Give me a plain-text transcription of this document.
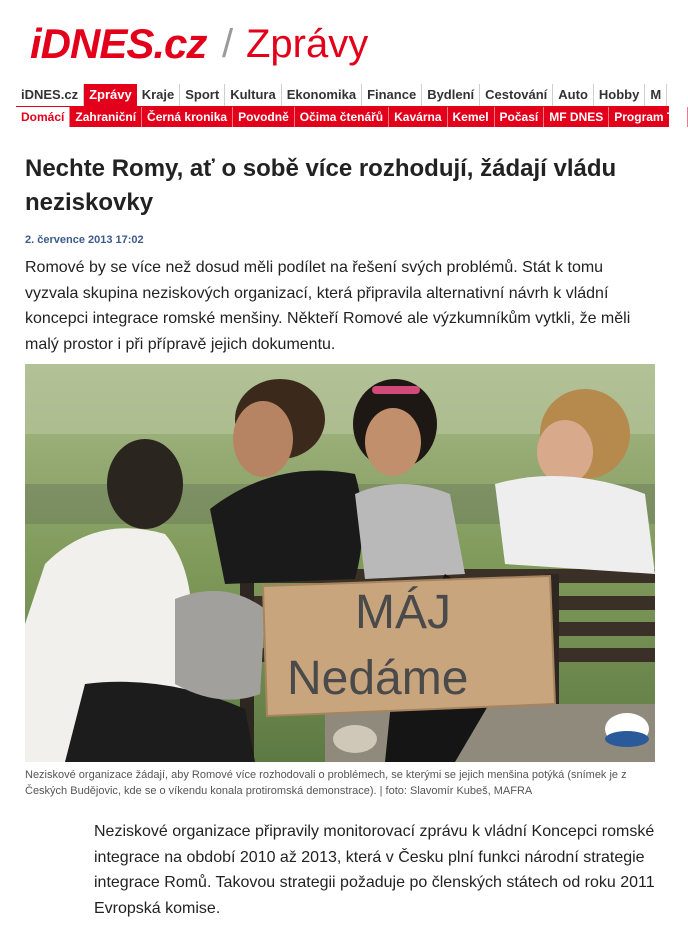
iDNES.cz / Zprávy
iDNES.cz Zprávy Kraje Sport Kultura Ekonomika Finance Bydlení Cestování Auto Hobby M
Domácí Zahraniční Černá kronika Povodně Očima čtenářů Kavárna Kemel Počasí MF DNES Program TV
Nechte Romy, ať o sobě více rozhodují, žádají vládu neziskovky
2. července 2013 17:02

Romové by se více než dosud měli podílet na řešení svých problémů. Stát k tomu vyzvala skupina neziskových organizací, která připravila alternativní návrh k vládní koncepci integrace romské menšiny. Někteří Romové ale výzkumníkům vytkli, že měli malý prostor i při přípravě jejich dokumentu.

MÁJ
Nedáme

Neziskové organizace žádají, aby Romové více rozhodovali o problémech, se kterými se jejich menšina potýká (snímek je z Českých Budějovic, kde se o víkendu konala protiromská demonstrace). | foto: Slavomír Kubeš, MAFRA

Neziskové organizace připravily monitorovací zprávu k vládní Koncepci romské integrace na období 2010 až 2013, která v Česku plní funkci národní strategie integrace Romů. Takovou strategii požaduje po členských státech od roku 2011 Evropská komise.
